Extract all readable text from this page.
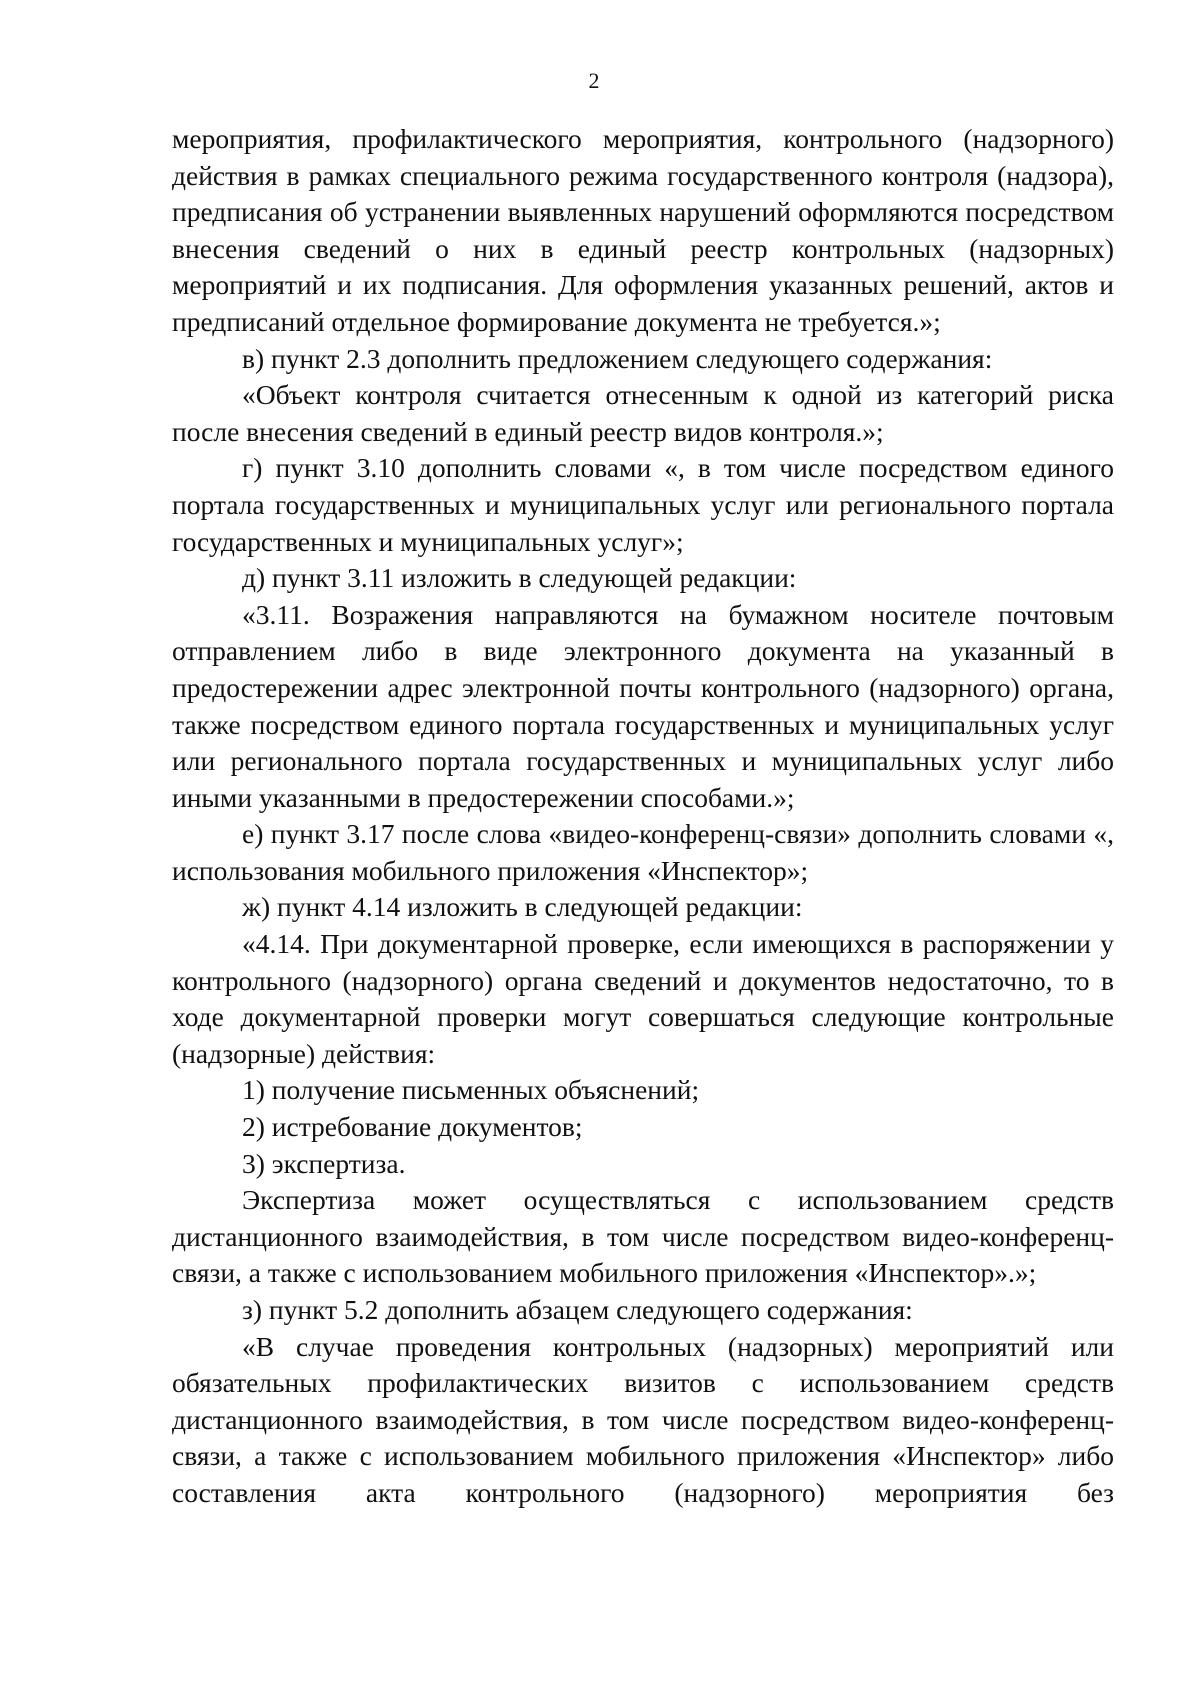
2

мероприятия, профилактического мероприятия, контрольного (надзорного) действия в рамках специального режима государственного контроля (надзора), предписания об устранении выявленных нарушений оформляются посредством внесения сведений о них в единый реестр контрольных (надзорных) мероприятий и их подписания. Для оформления указанных решений, актов и предписаний отдельное формирование документа не требуется.»;

в) пункт 2.3 дополнить предложением следующего содержания:

«Объект контроля считается отнесенным к одной из категорий риска после внесения сведений в единый реестр видов контроля.»;

г) пункт 3.10 дополнить словами «, в том числе посредством единого портала государственных и муниципальных услуг или регионального портала государственных и муниципальных услуг»;

д) пункт 3.11 изложить в следующей редакции:

«3.11. Возражения направляются на бумажном носителе почтовым отправлением либо в виде электронного документа на указанный в предостережении адрес электронной почты контрольного (надзорного) органа, также посредством единого портала государственных и муниципальных услуг или регионального портала государственных и муниципальных услуг либо иными указанными в предостережении способами.»;

е) пункт 3.17 после слова «видео-конференц-связи» дополнить словами «, использования мобильного приложения «Инспектор»;

ж) пункт 4.14 изложить в следующей редакции:

«4.14. При документарной проверке, если имеющихся в распоряжении у контрольного (надзорного) органа сведений и документов недостаточно, то в ходе документарной проверки могут совершаться следующие контрольные (надзорные) действия:

1) получение письменных объяснений;

2) истребование документов;

3) экспертиза.

Экспертиза может осуществляться с использованием средств дистанционного взаимодействия, в том числе посредством видео-конференц-связи, а также с использованием мобильного приложения «Инспектор».»;

з) пункт 5.2 дополнить абзацем следующего содержания:

«В случае проведения контрольных (надзорных) мероприятий или обязательных профилактических визитов с использованием средств дистанционного взаимодействия, в том числе посредством видео-конференц-связи, а также с использованием мобильного приложения «Инспектор» либо составления акта контрольного (надзорного) мероприятия без
